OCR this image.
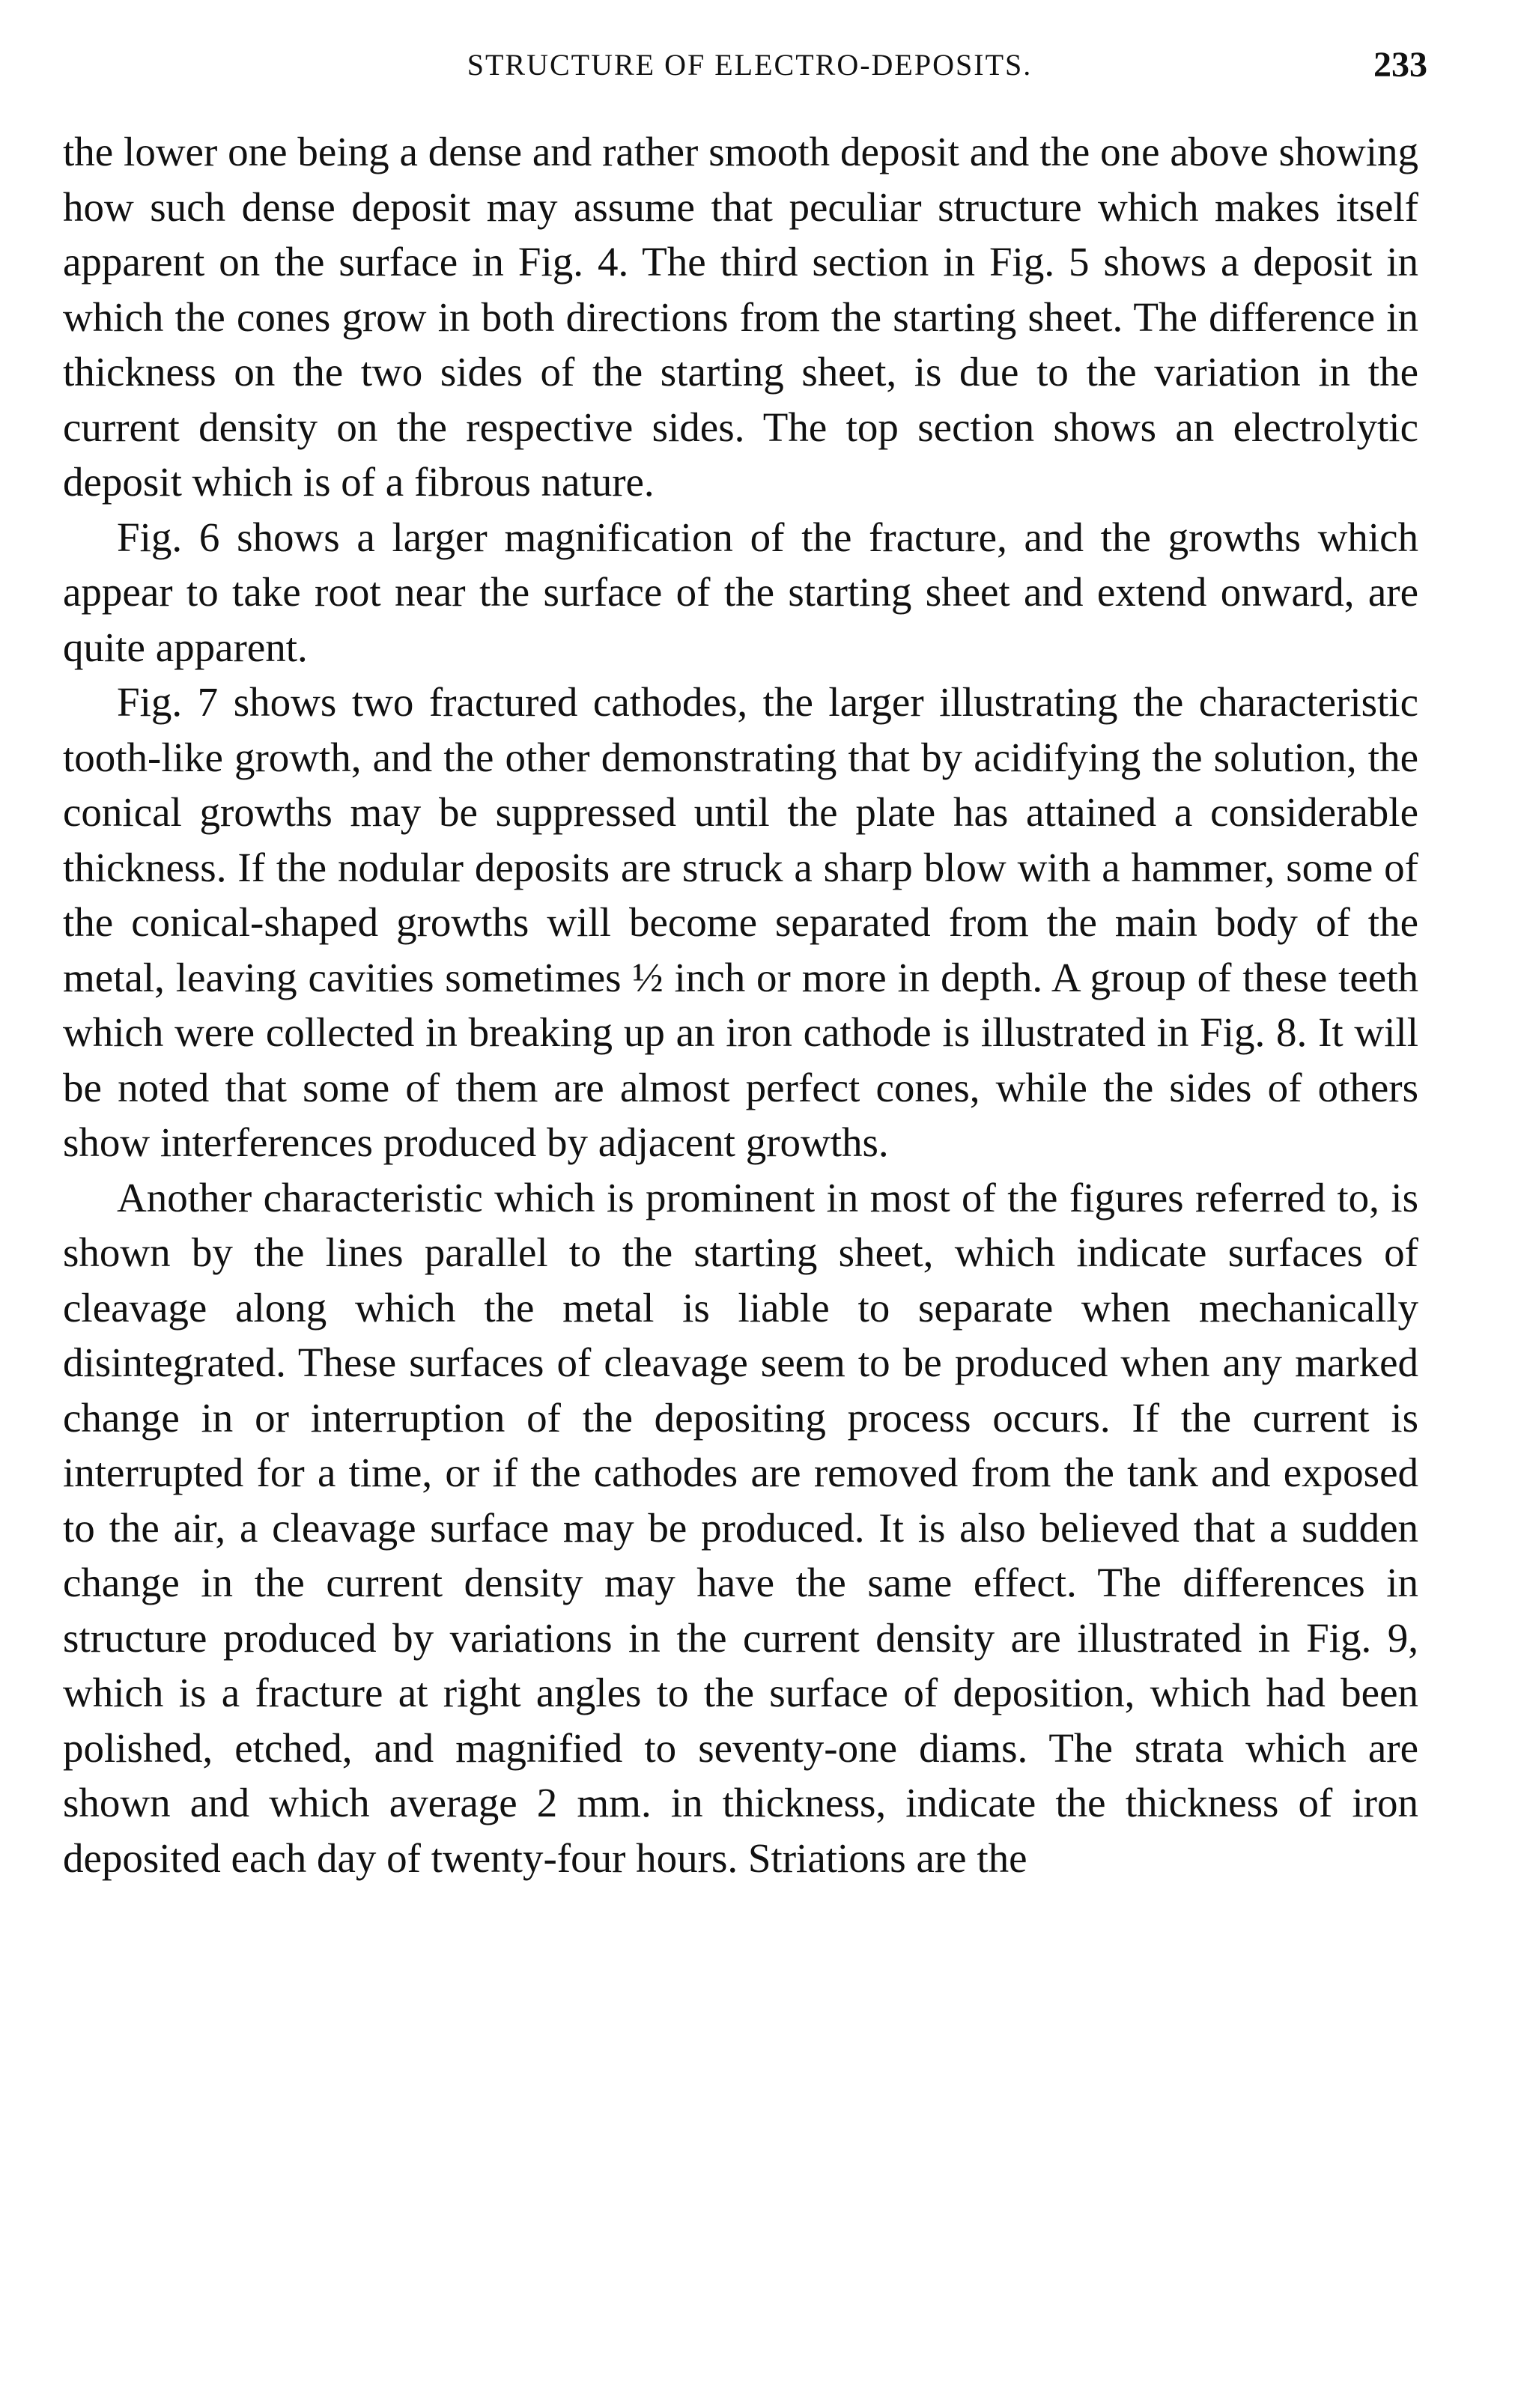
STRUCTURE OF ELECTRO-DEPOSITS.	233

the lower one being a dense and rather smooth deposit and the one above showing how such dense deposit may assume that peculiar structure which makes itself apparent on the surface in Fig. 4. The third section in Fig. 5 shows a deposit in which the cones grow in both directions from the starting sheet. The difference in thickness on the two sides of the starting sheet, is due to the variation in the current density on the respective sides. The top section shows an electrolytic deposit which is of a fibrous nature.

Fig. 6 shows a larger magnification of the fracture, and the growths which appear to take root near the surface of the starting sheet and extend onward, are quite apparent.

Fig. 7 shows two fractured cathodes, the larger illustrating the characteristic tooth-like growth, and the other demonstrating that by acidifying the solution, the conical growths may be suppressed until the plate has attained a considerable thickness. If the nodular deposits are struck a sharp blow with a hammer, some of the conical-shaped growths will become separated from the main body of the metal, leaving cavities sometimes ½ inch or more in depth. A group of these teeth which were collected in breaking up an iron cathode is illustrated in Fig. 8. It will be noted that some of them are almost perfect cones, while the sides of others show interferences produced by adjacent growths.

Another characteristic which is prominent in most of the figures referred to, is shown by the lines parallel to the starting sheet, which indicate surfaces of cleavage along which the metal is liable to separate when mechanically disintegrated. These surfaces of cleavage seem to be produced when any marked change in or interruption of the depositing process occurs. If the current is interrupted for a time, or if the cathodes are removed from the tank and exposed to the air, a cleavage surface may be produced. It is also believed that a sudden change in the current density may have the same effect. The differences in structure produced by variations in the current density are illustrated in Fig. 9, which is a fracture at right angles to the surface of deposition, which had been polished, etched, and magnified to seventy-one diams. The strata which are shown and which average 2 mm. in thickness, indicate the thickness of iron deposited each day of twenty-four hours. Striations are the
